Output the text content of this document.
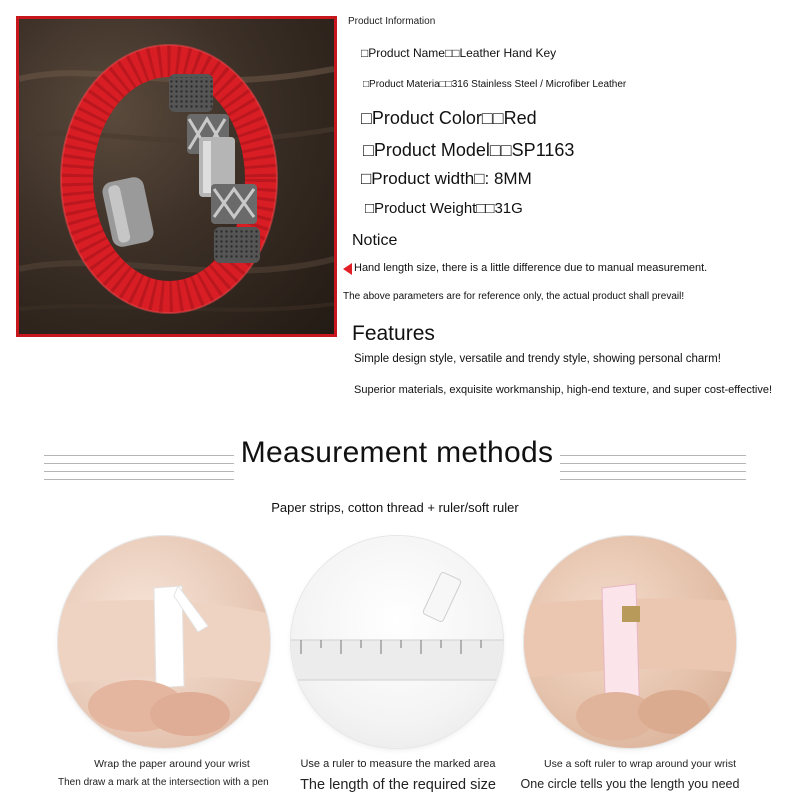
Product Information
□Product Name□□Leather Hand Key
□Product Materia□□316 Stainless Steel / Microfiber Leather
□Product Color□□Red
□Product Model□□SP1163
□Product width□: 8MM
□Product Weight□□31G
Notice
Hand length size, there is a little difference due to manual measurement.
The above parameters are for reference only, the actual product shall prevail!
Features
Simple design style, versatile and trendy style, showing personal charm!
Superior materials, exquisite workmanship, high-end texture, and super cost-effective!
Measurement methods
Paper strips, cotton thread + ruler/soft ruler
Wrap the paper around your wrist
Then draw a mark at the intersection with a pen
Use a ruler to measure the marked area
The length of the required size
Use a soft ruler to wrap around your wrist
One circle tells you the length you need
